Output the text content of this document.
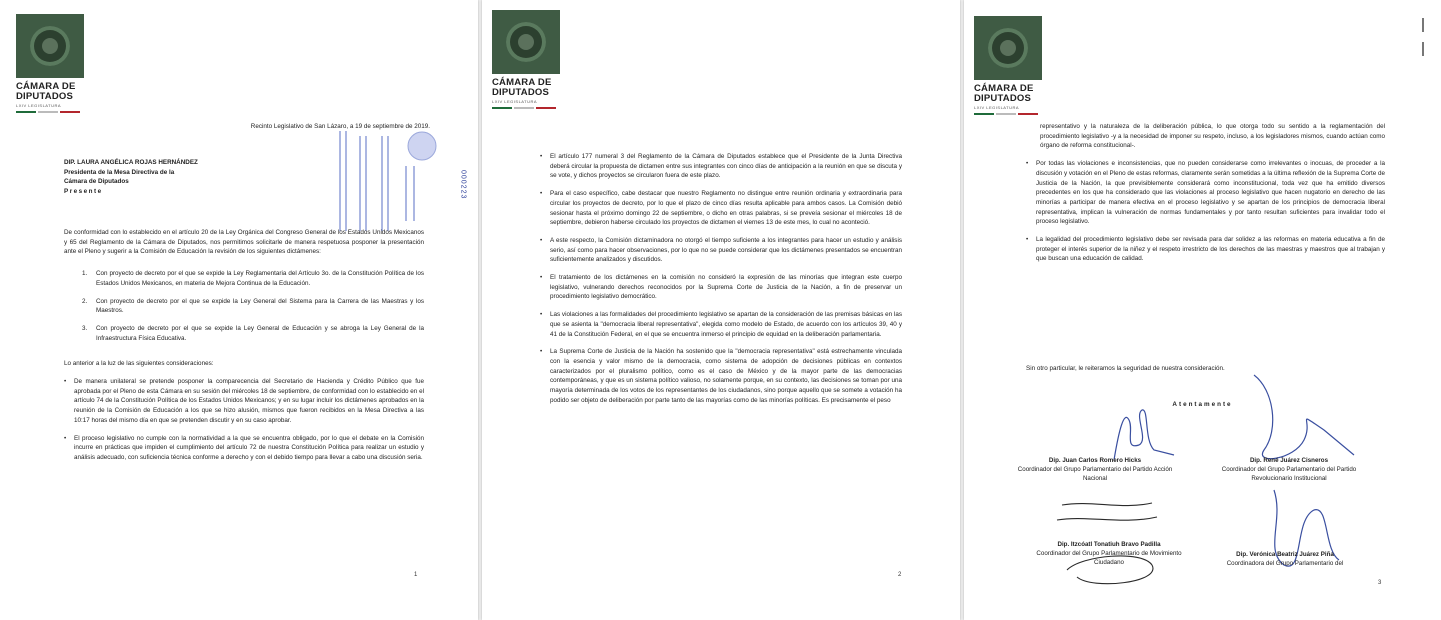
CÁMARA DE
DIPUTADOS
LXIV LEGISLATURA
Recinto Legislativo de San Lázaro, a 19 de septiembre de 2019.
000223
DIP. LAURA ANGÉLICA ROJAS HERNÁNDEZ
Presidenta de la Mesa Directiva de la
Cámara de Diputados
Presente

De conformidad con lo establecido en el artículo 20 de la Ley Orgánica del Congreso General de los Estados Unidos Mexicanos y 65 del Reglamento de la Cámara de Diputados, nos permitimos solicitarle de manera respetuosa posponer la presentación ante el Pleno y sugerir a la Comisión de Educación la revisión de los siguientes dictámenes:

1. Con proyecto de decreto por el que se expide la Ley Reglamentaria del Artículo 3o. de la Constitución Política de los Estados Unidos Mexicanos, en materia de Mejora Continua de la Educación.

2. Con proyecto de decreto por el que se expide la Ley General del Sistema para la Carrera de las Maestras y los Maestros.

3. Con proyecto de decreto por el que se expide la Ley General de Educación y se abroga la Ley General de la Infraestructura Física Educativa.

Lo anterior a la luz de las siguientes consideraciones:

• De manera unilateral se pretende posponer la comparecencia del Secretario de Hacienda y Crédito Público que fue aprobada por el Pleno de esta Cámara en su sesión del miércoles 18 de septiembre, de conformidad con lo establecido en el artículo 74 de la Constitución Política de los Estados Unidos Mexicanos; y en su lugar incluir los dictámenes aprobados en la reunión de la Comisión de Educación a los que se hizo alusión, mismos que fueron recibidos en la Mesa Directiva a las 10:17 horas del mismo día en que se pretenden discutir y en su caso aprobar.

• El proceso legislativo no cumple con la normatividad a la que se encuentra obligado, por lo que el debate en la Comisión incurre en prácticas que impiden el cumplimiento del artículo 72 de nuestra Constitución Política para realizar un estudio y análisis adecuado, con suficiencia técnica conforme a derecho y con el debido tiempo para llevar a cabo una discusión seria.

1
CÁMARA DE
DIPUTADOS
LXIV LEGISLATURA

• El artículo 177 numeral 3 del Reglamento de la Cámara de Diputados establece que el Presidente de la Junta Directiva deberá circular la propuesta de dictamen entre sus integrantes con cinco días de anticipación a la reunión en que se discuta y se vote, y dichos proyectos se circularon fuera de este plazo.

• Para el caso específico, cabe destacar que nuestro Reglamento no distingue entre reunión ordinaria y extraordinaria para circular los proyectos de decreto, por lo que el plazo de cinco días resulta aplicable para ambos casos. La Comisión debió sesionar hasta el próximo domingo 22 de septiembre, o dicho en otras palabras, si se preveía sesionar el miércoles 18 de septiembre, debieron haberse circulado los proyectos de dictamen el viernes 13 de este mes, lo cual no aconteció.

• A este respecto, la Comisión dictaminadora no otorgó el tiempo suficiente a los integrantes para hacer un estudio y análisis serio, así como para hacer observaciones, por lo que no se puede considerar que los dictámenes presentados se encuentran suficientemente analizados y discutidos.

• El tratamiento de los dictámenes en la comisión no consideró la expresión de las minorías que integran este cuerpo legislativo, vulnerando derechos reconocidos por la Suprema Corte de Justicia de la Nación, a fin de preservar un procedimiento legislativo democrático.

• Las violaciones a las formalidades del procedimiento legislativo se apartan de la consideración de las premisas básicas en las que se asienta la "democracia liberal representativa", elegida como modelo de Estado, de acuerdo con los artículos 39, 40 y 41 de la Constitución Federal, en el que se encuentra inmerso el principio de equidad en la deliberación parlamentaria.

• La Suprema Corte de Justicia de la Nación ha sostenido que la "democracia representativa" está estrechamente vinculada con la esencia y valor mismo de la democracia, como sistema de adopción de decisiones públicas en contextos caracterizados por el pluralismo político, como es el caso de México y de la mayor parte de las democracias contemporáneas, y que es un sistema político valioso, no solamente porque, en su contexto, las decisiones se toman por una mayoría determinada de los votos de los representantes de los ciudadanos, sino porque aquello que se somete a votación ha podido ser objeto de deliberación por parte tanto de las mayorías como de las minorías políticas. Es precisamente el peso

2
CÁMARA DE
DIPUTADOS
LXIV LEGISLATURA

representativo y la naturaleza de la deliberación pública, lo que otorga todo su sentido a la reglamentación del procedimiento legislativo -y a la necesidad de imponer su respeto, incluso, a los legisladores mismos, cuando actúan como órgano de reforma constitucional-.

• Por todas las violaciones e inconsistencias, que no pueden considerarse como irrelevantes o inocuas, de proceder a la discusión y votación en el Pleno de estas reformas, claramente serán sometidas a la última reflexión de la Suprema Corte de Justicia de la Nación, la que previsiblemente considerará como inconstitucional, toda vez que ha emitido diversos precedentes en los que ha considerado que las violaciones al proceso legislativo que hacen nugatorio en derecho de las minorías a participar de manera efectiva en el proceso legislativo y se apartan de los principios de democracia liberal representativa, implican la vulneración de normas fundamentales y por tanto resultan suficientes para invalidar todo el proceso legislativo.

• La legalidad del procedimiento legislativo debe ser revisada para dar solidez a las reformas en materia educativa a fin de proteger el interés superior de la niñez y el respeto irrestricto de los derechos de las maestras y maestros que al trabajan y que buscan una educación de calidad.

Sin otro particular, le reiteramos la seguridad de nuestra consideración.
Atentamente
Dip. Juan Carlos Romero Hicks
Coordinador del Grupo Parlamentario del Partido Acción Nacional
Dip. René Juárez Cisneros
Coordinador del Grupo Parlamentario del Partido Revolucionario Institucional
Dip. Itzcóatl Tonatiuh Bravo Padilla
Coordinador del Grupo Parlamentario de Movimiento Ciudadano
Dip. Verónica Beatriz Juárez Piña
Coordinadora del Grupo Parlamentario del
3
